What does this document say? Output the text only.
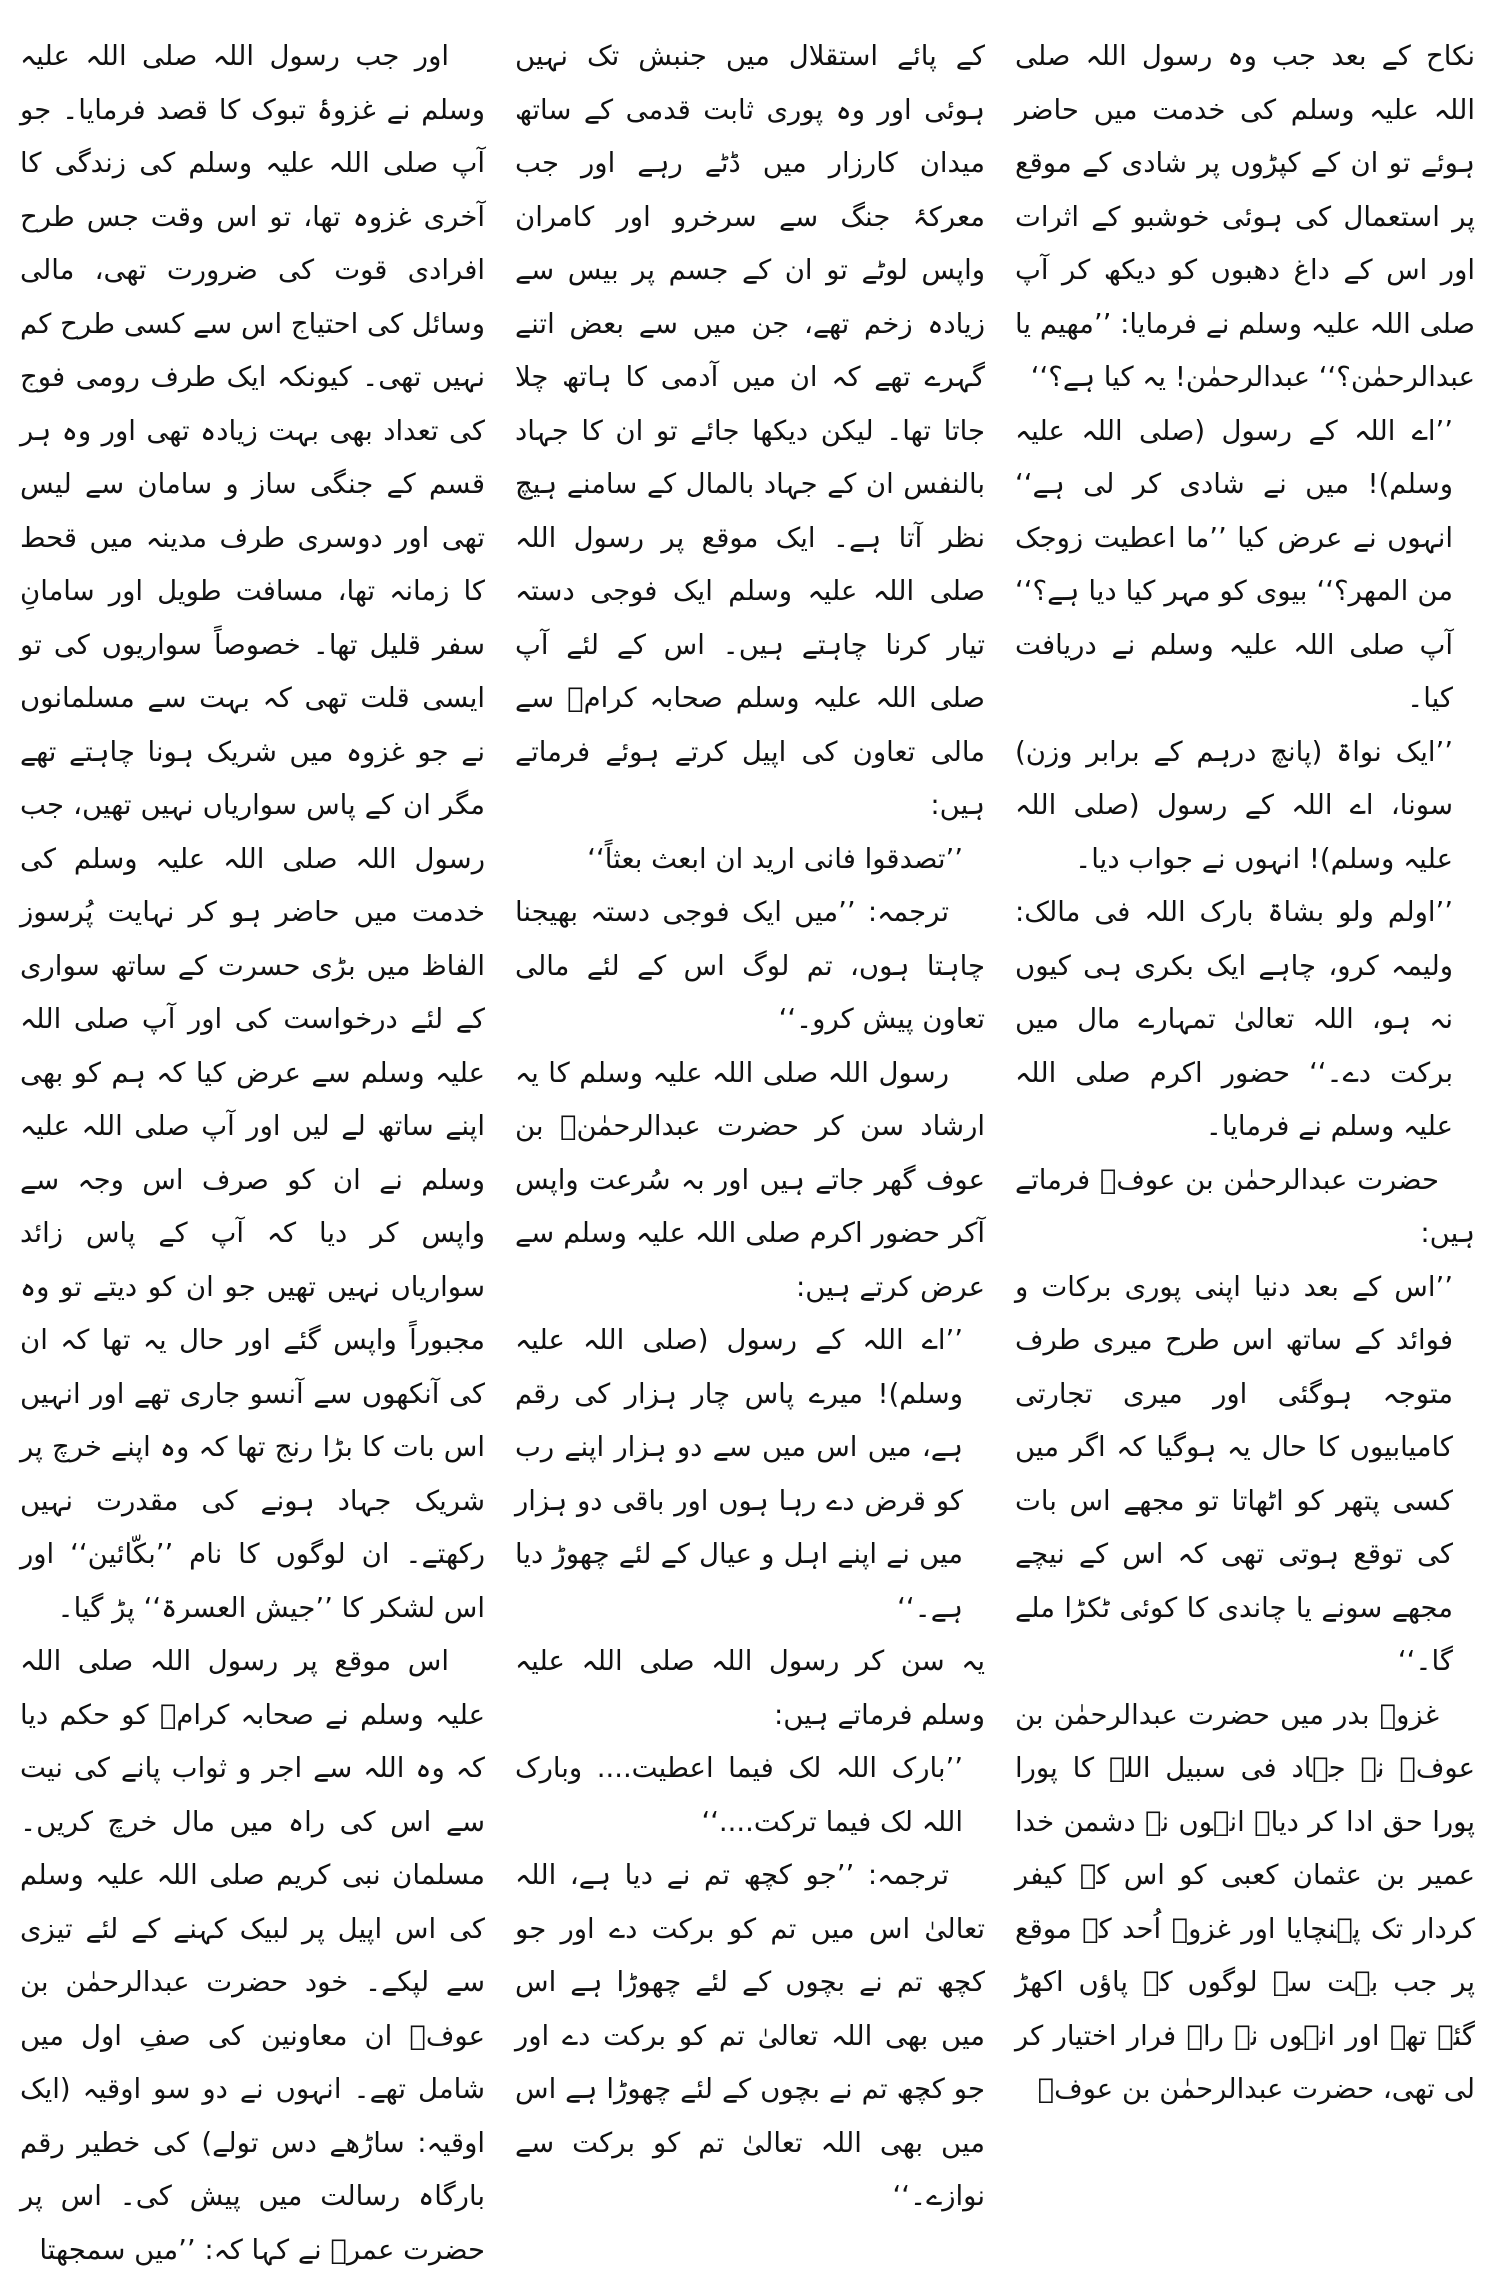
نکاح کے بعد جب وہ رسول اللہ صلی اللہ علیہ وسلم کی خدمت میں حاضر ہوئے تو ان کے کپڑوں پر شادی کے موقع پر استعمال کی ہوئی خوشبو کے اثرات اور اس کے داغ دھبوں کو دیکھ کر آپ صلی اللہ علیہ وسلم نے فرمایا: ’’مھیم یا عبدالرحمٰن؟‘‘ عبدالرحمٰن! یہ کیا ہے؟‘‘

’’اے اللہ کے رسول (صلی اللہ علیہ وسلم)! میں نے شادی کر لی ہے‘‘ انہوں نے عرض کیا ’’ما اعطیت زوجک من المھر؟‘‘ بیوی کو مہر کیا دیا ہے؟‘‘ آپ صلی اللہ علیہ وسلم نے دریافت کیا۔

’’ایک نواۃ (پانچ درہم کے برابر وزن) سونا، اے اللہ کے رسول (صلی اللہ علیہ وسلم)! انہوں نے جواب دیا۔

’’اولم ولو بشاۃ بارک اللہ فی مالک: ولیمہ کرو، چاہے ایک بکری ہی کیوں نہ ہو، اللہ تعالیٰ تمہارے مال میں برکت دے۔‘‘ حضور اکرم صلی اللہ علیہ وسلم نے فرمایا۔

حضرت عبدالرحمٰن بن عوفؓ فرماتے ہیں:

’’اس کے بعد دنیا اپنی پوری برکات و فوائد کے ساتھ اس طرح میری طرف متوجہ ہوگئی اور میری تجارتی کامیابیوں کا حال یہ ہوگیا کہ اگر میں کسی پتھر کو اٹھاتا تو مجھے اس بات کی توقع ہوتی تھی کہ اس کے نیچے مجھے سونے یا چاندی کا کوئی ٹکڑا ملے گا۔‘‘

غزوۂ بدر میں حضرت عبدالرحمٰن بن عوفؓ نے جہاد فی سبیل اللہ کا پورا پورا حق ادا کر دیا۔ انہوں نے دشمن خدا عمیر بن عثمان کعبی کو اس کے کیفر کردار تک پہنچایا اور غزوۂ اُحد کے موقع پر جب بہت سے لوگوں کے پاؤں اکھڑ گئے تھے اور انہوں نے راہ فرار اختیار کر لی تھی، حضرت عبدالرحمٰن بن عوفؓ

کے پائے استقلال میں جنبش تک نہیں ہوئی اور وہ پوری ثابت قدمی کے ساتھ میدان کارزار میں ڈٹے رہے اور جب معرکۂ جنگ سے سرخرو اور کامران واپس لوٹے تو ان کے جسم پر بیس سے زیادہ زخم تھے، جن میں سے بعض اتنے گہرے تھے کہ ان میں آدمی کا ہاتھ چلا جاتا تھا۔ لیکن دیکھا جائے تو ان کا جہاد بالنفس ان کے جہاد بالمال کے سامنے ہیچ نظر آتا ہے۔ ایک موقع پر رسول اللہ صلی اللہ علیہ وسلم ایک فوجی دستہ تیار کرنا چاہتے ہیں۔ اس کے لئے آپ صلی اللہ علیہ وسلم صحابہ کرامؓ سے مالی تعاون کی اپیل کرتے ہوئے فرماتے ہیں:

’’تصدقوا فانی ارید ان ابعث بعثاً‘‘

ترجمہ: ’’میں ایک فوجی دستہ بھیجنا چاہتا ہوں، تم لوگ اس کے لئے مالی تعاون پیش کرو۔‘‘

رسول اللہ صلی اللہ علیہ وسلم کا یہ ارشاد سن کر حضرت عبدالرحمٰنؓ بن عوف گھر جاتے ہیں اور بہ سُرعت واپس آکر حضور اکرم صلی اللہ علیہ وسلم سے عرض کرتے ہیں:

’’اے اللہ کے رسول (صلی اللہ علیہ وسلم)! میرے پاس چار ہزار کی رقم ہے، میں اس میں سے دو ہزار اپنے رب کو قرض دے رہا ہوں اور باقی دو ہزار میں نے اپنے اہل و عیال کے لئے چھوڑ دیا ہے۔‘‘

یہ سن کر رسول اللہ صلی اللہ علیہ وسلم فرماتے ہیں:

’’بارک اللہ لک فیما اعطیت.... وبارک اللہ لک فیما ترکت....‘‘

ترجمہ: ’’جو کچھ تم نے دیا ہے، اللہ تعالیٰ اس میں تم کو برکت دے اور جو کچھ تم نے بچوں کے لئے چھوڑا ہے اس میں بھی اللہ تعالیٰ تم کو برکت دے اور جو کچھ تم نے بچوں کے لئے چھوڑا ہے اس میں بھی اللہ تعالیٰ تم کو برکت سے نوازے۔‘‘

اور جب رسول اللہ صلی اللہ علیہ وسلم نے غزوۂ تبوک کا قصد فرمایا۔ جو آپ صلی اللہ علیہ وسلم کی زندگی کا آخری غزوہ تھا، تو اس وقت جس طرح افرادی قوت کی ضرورت تھی، مالی وسائل کی احتیاج اس سے کسی طرح کم نہیں تھی۔ کیونکہ ایک طرف رومی فوج کی تعداد بھی بہت زیادہ تھی اور وہ ہر قسم کے جنگی ساز و سامان سے لیس تھی اور دوسری طرف مدینہ میں قحط کا زمانہ تھا، مسافت طویل اور سامانِ سفر قلیل تھا۔ خصوصاً سواریوں کی تو ایسی قلت تھی کہ بہت سے مسلمانوں نے جو غزوہ میں شریک ہونا چاہتے تھے مگر ان کے پاس سواریاں نہیں تھیں، جب رسول اللہ صلی اللہ علیہ وسلم کی خدمت میں حاضر ہو کر نہایت پُرسوز الفاظ میں بڑی حسرت کے ساتھ سواری کے لئے درخواست کی اور آپ صلی اللہ علیہ وسلم سے عرض کیا کہ ہم کو بھی اپنے ساتھ لے لیں اور آپ صلی اللہ علیہ وسلم نے ان کو صرف اس وجہ سے واپس کر دیا کہ آپ کے پاس زائد سواریاں نہیں تھیں جو ان کو دیتے تو وہ مجبوراً واپس گئے اور حال یہ تھا کہ ان کی آنکھوں سے آنسو جاری تھے اور انہیں اس بات کا بڑا رنج تھا کہ وہ اپنے خرچ پر شریک جہاد ہونے کی مقدرت نہیں رکھتے۔ ان لوگوں کا نام ’’بکّائین‘‘ اور اس لشکر کا ’’جیش العسرۃ‘‘ پڑ گیا۔

اس موقع پر رسول اللہ صلی اللہ علیہ وسلم نے صحابہ کرامؓ کو حکم دیا کہ وہ اللہ سے اجر و ثواب پانے کی نیت سے اس کی راہ میں مال خرچ کریں۔ مسلمان نبی کریم صلی اللہ علیہ وسلم کی اس اپیل پر لبیک کہنے کے لئے تیزی سے لپکے۔ خود حضرت عبدالرحمٰن بن عوفؓ ان معاونین کی صفِ اول میں شامل تھے۔ انہوں نے دو سو اوقیہ (ایک اوقیہ: ساڑھے دس تولے) کی خطیر رقم بارگاہ رسالت میں پیش کی۔ اس پر حضرت عمرؓ نے کہا کہ: ’’میں سمجھتا
